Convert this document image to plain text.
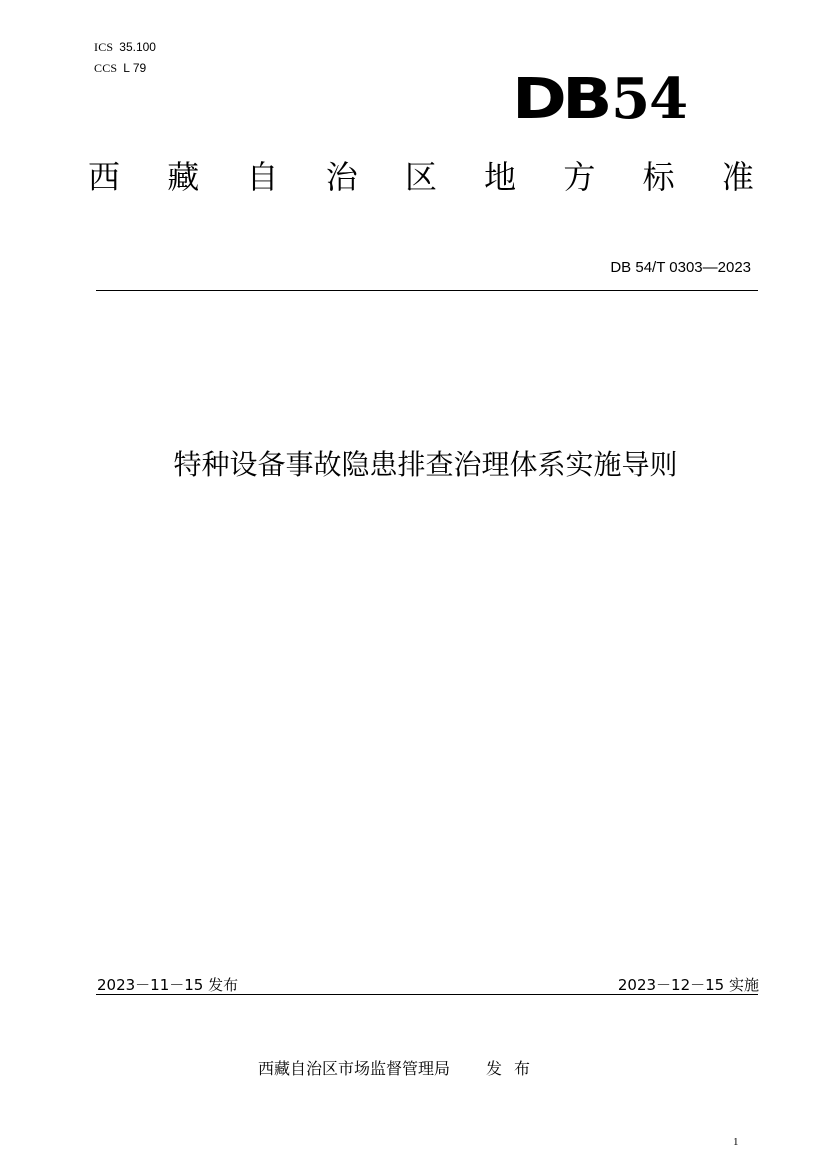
ICS 35.100
CCS L 79	DB54
西 藏 自 治 区 地 方 标 准
DB 54/T 0303—2023
特种设备事故隐患排查治理体系实施导则
2023－11－15 发布	2023－12－15 实施
西藏自治区市场监督管理局 发布
1
